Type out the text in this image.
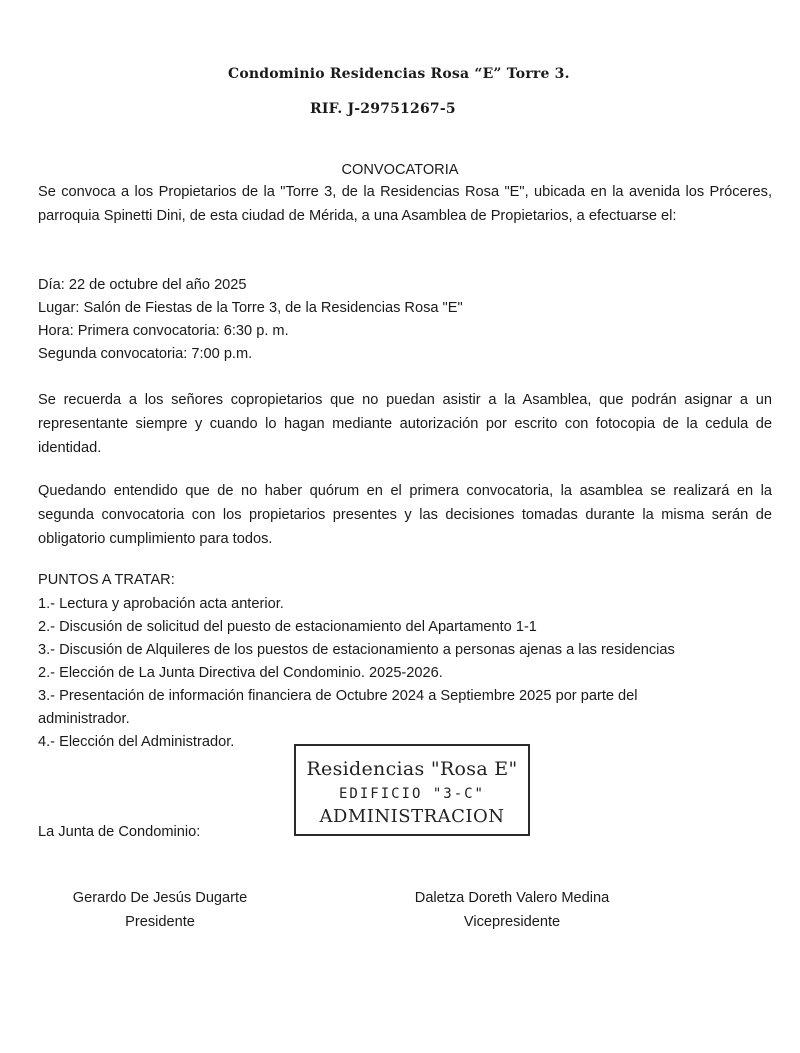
Condominio Residencias Rosa “E” Torre 3.
RIF. J-29751267-5
CONVOCATORIA
Se convoca a los Propietarios de la "Torre 3, de la Residencias Rosa "E", ubicada en la avenida los Próceres, parroquia Spinetti Dini, de esta ciudad de Mérida, a una Asamblea de Propietarios, a efectuarse el:
Día: 22 de octubre del año 2025
Lugar: Salón de Fiestas de la Torre 3, de la Residencias Rosa "E"
Hora: Primera convocatoria: 6:30 p. m.
Segunda convocatoria: 7:00 p.m.
Se recuerda a los señores copropietarios que no puedan asistir a la Asamblea, que podrán asignar a un representante siempre y cuando lo hagan mediante autorización por escrito con fotocopia de la cedula de identidad.
Quedando entendido que de no haber quórum en el primera convocatoria, la asamblea se realizará en la segunda convocatoria con los propietarios presentes y las decisiones tomadas durante la misma serán de obligatorio cumplimiento para todos.
PUNTOS A TRATAR:
1.- Lectura y aprobación acta anterior.
2.- Discusión de solicitud del puesto de estacionamiento del Apartamento 1-1
3.- Discusión de Alquileres de los puestos de estacionamiento a personas ajenas a las residencias
2.- Elección de La Junta Directiva del Condominio. 2025-2026.
3.- Presentación de información financiera de Octubre 2024 a Septiembre 2025 por parte del
administrador.
4.- Elección del Administrador.
Residencias "Rosa E"
EDIFICIO "3-C"
ADMINISTRACION
La Junta de Condominio:
Gerardo De Jesús Dugarte
Presidente
Daletza Doreth Valero Medina
Vicepresidente
